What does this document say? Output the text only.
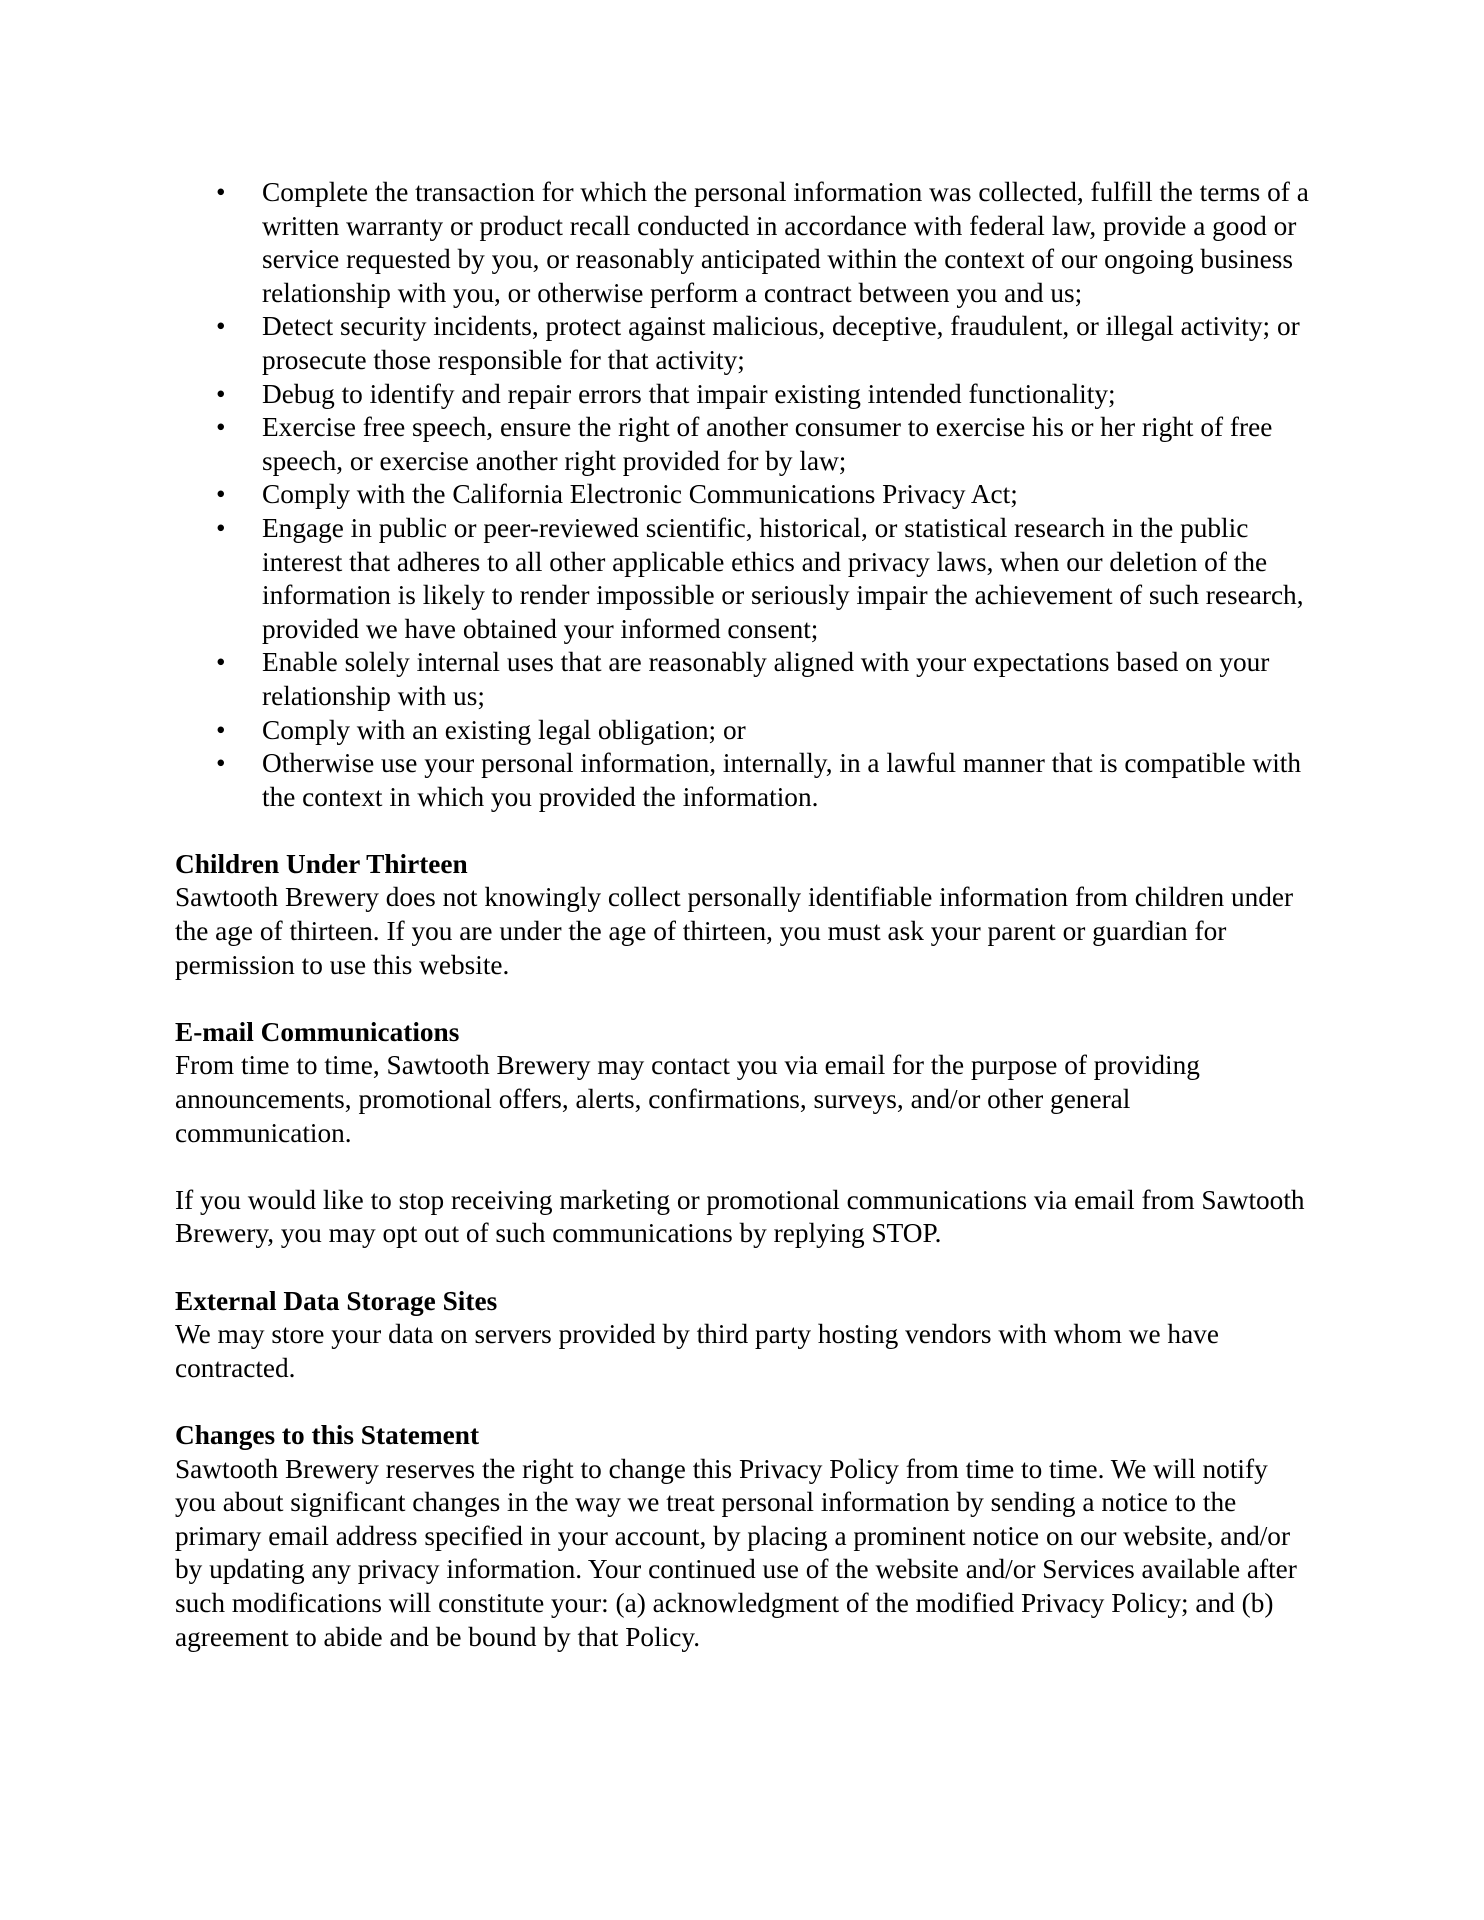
• Complete the transaction for which the personal information was collected, fulfill the terms of a written warranty or product recall conducted in accordance with federal law, provide a good or service requested by you, or reasonably anticipated within the context of our ongoing business relationship with you, or otherwise perform a contract between you and us;
• Detect security incidents, protect against malicious, deceptive, fraudulent, or illegal activity; or prosecute those responsible for that activity;
• Debug to identify and repair errors that impair existing intended functionality;
• Exercise free speech, ensure the right of another consumer to exercise his or her right of free speech, or exercise another right provided for by law;
• Comply with the California Electronic Communications Privacy Act;
• Engage in public or peer-reviewed scientific, historical, or statistical research in the public interest that adheres to all other applicable ethics and privacy laws, when our deletion of the information is likely to render impossible or seriously impair the achievement of such research, provided we have obtained your informed consent;
• Enable solely internal uses that are reasonably aligned with your expectations based on your relationship with us;
• Comply with an existing legal obligation; or
• Otherwise use your personal information, internally, in a lawful manner that is compatible with the context in which you provided the information.

Children Under Thirteen

Sawtooth Brewery does not knowingly collect personally identifiable information from children under the age of thirteen. If you are under the age of thirteen, you must ask your parent or guardian for permission to use this website.

E-mail Communications

From time to time, Sawtooth Brewery may contact you via email for the purpose of providing announcements, promotional offers, alerts, confirmations, surveys, and/or other general communication.

If you would like to stop receiving marketing or promotional communications via email from Sawtooth Brewery, you may opt out of such communications by replying STOP.

External Data Storage Sites

We may store your data on servers provided by third party hosting vendors with whom we have contracted.

Changes to this Statement

Sawtooth Brewery reserves the right to change this Privacy Policy from time to time. We will notify you about significant changes in the way we treat personal information by sending a notice to the primary email address specified in your account, by placing a prominent notice on our website, and/or by updating any privacy information. Your continued use of the website and/or Services available after such modifications will constitute your: (a) acknowledgment of the modified Privacy Policy; and (b) agreement to abide and be bound by that Policy.
